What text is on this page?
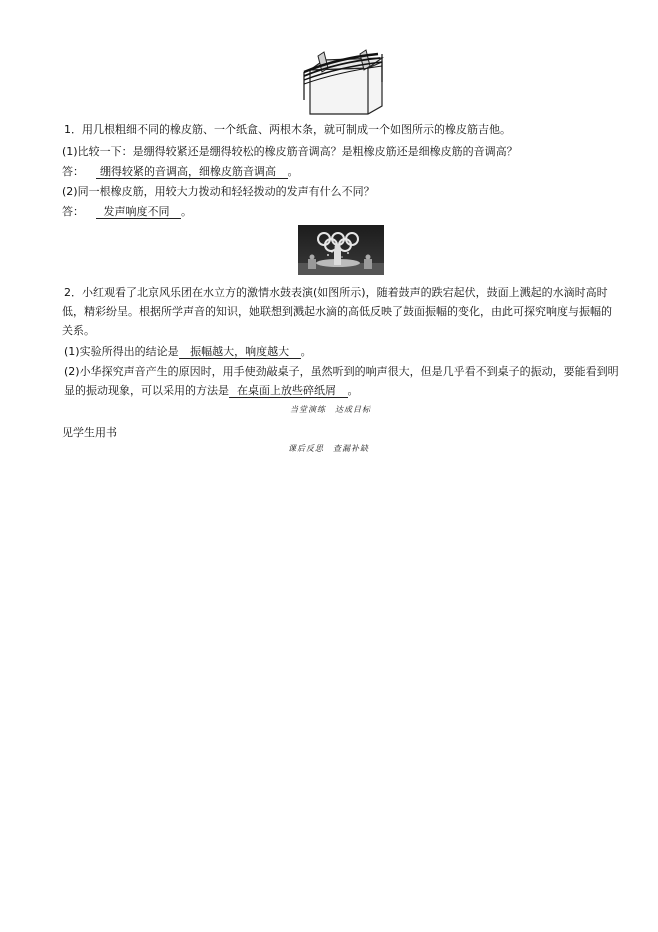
1．用几根粗细不同的橡皮筋、一个纸盒、两根木条，就可制成一个如图所示的橡皮筋吉他。
(1)比较一下：是绷得较紧还是绷得较松的橡皮筋音调高？是粗橡皮筋还是细橡皮筋的音调高？
答： 绷得较紧的音调高，细橡皮筋音调高 。
(2)同一根橡皮筋，用较大力拨动和轻轻拨动的发声有什么不同？
答： 发声响度不同 。
2．小红观看了北京风乐团在水立方的激情水鼓表演(如图所示)，随着鼓声的跌宕起伏，鼓面上溅起的水滴时高时低，精彩纷呈。根据所学声音的知识，她联想到溅起水滴的高低反映了鼓面振幅的变化，由此可探究响度与振幅的关系。
(1)实验所得出的结论是 振幅越大，响度越大 。
(2)小华探究声音产生的原因时，用手使劲敲桌子，虽然听到的响声很大，但是几乎看不到桌子的振动，要能看到明显的振动现象，可以采用的方法是 在桌面上放些碎纸屑 。
当堂演练　达成目标
见学生用书
课后反思　查漏补缺
